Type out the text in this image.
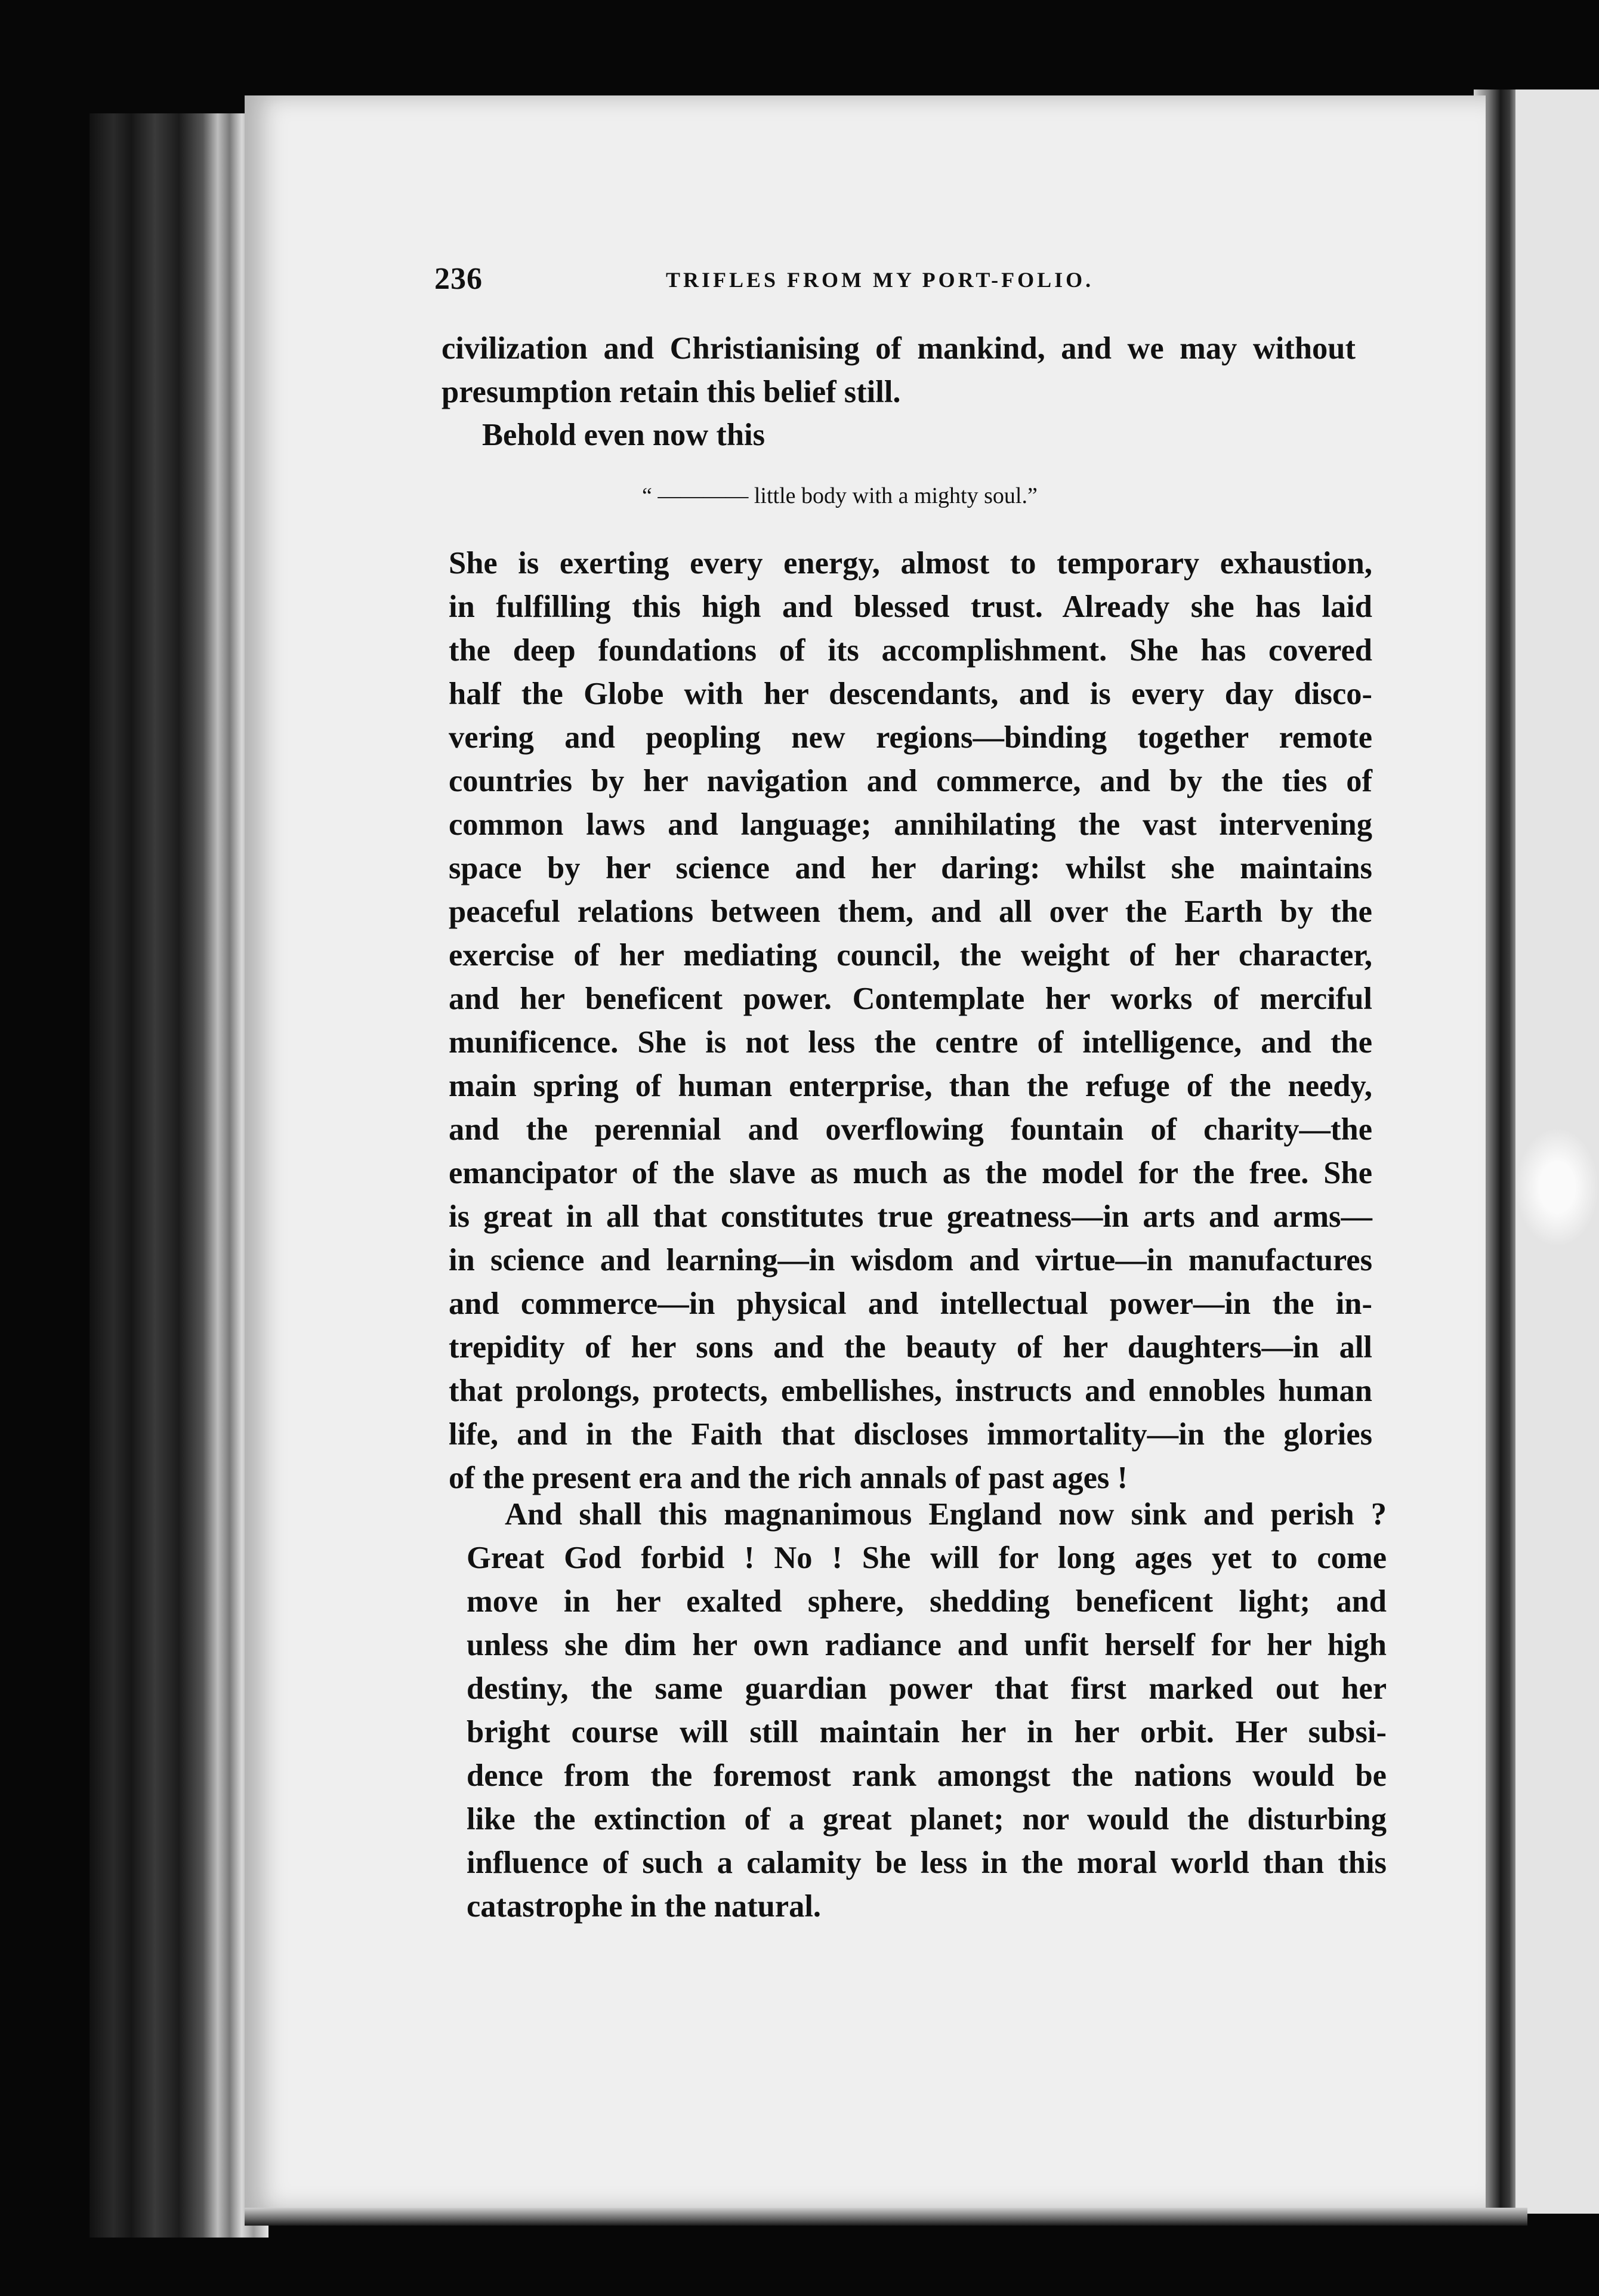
236	TRIFLES FROM MY PORT-FOLIO.
civilization and Christianising of mankind, and we may without
presumption retain this belief still.
Behold even now this
“ ———— little body with a mighty soul.”
She is exerting every energy, almost to temporary exhaustion,
in fulfilling this high and blessed trust. Already she has laid
the deep foundations of its accomplishment. She has covered
half the Globe with her descendants, and is every day disco-
vering and peopling new regions—binding together remote
countries by her navigation and commerce, and by the ties of
common laws and language; annihilating the vast intervening
space by her science and her daring: whilst she maintains
peaceful relations between them, and all over the Earth by the
exercise of her mediating council, the weight of her character,
and her beneficent power. Contemplate her works of merciful
munificence. She is not less the centre of intelligence, and the
main spring of human enterprise, than the refuge of the needy,
and the perennial and overflowing fountain of charity—the
emancipator of the slave as much as the model for the free. She
is great in all that constitutes true greatness—in arts and arms—
in science and learning—in wisdom and virtue—in manufactures
and commerce—in physical and intellectual power—in the in-
trepidity of her sons and the beauty of her daughters—in all
that prolongs, protects, embellishes, instructs and ennobles human
life, and in the Faith that discloses immortality—in the glories
of the present era and the rich annals of past ages !
And shall this magnanimous England now sink and perish ?
Great God forbid ! No ! She will for long ages yet to come
move in her exalted sphere, shedding beneficent light; and
unless she dim her own radiance and unfit herself for her high
destiny, the same guardian power that first marked out her
bright course will still maintain her in her orbit. Her subsi-
dence from the foremost rank amongst the nations would be
like the extinction of a great planet; nor would the disturbing
influence of such a calamity be less in the moral world than this
catastrophe in the natural.
